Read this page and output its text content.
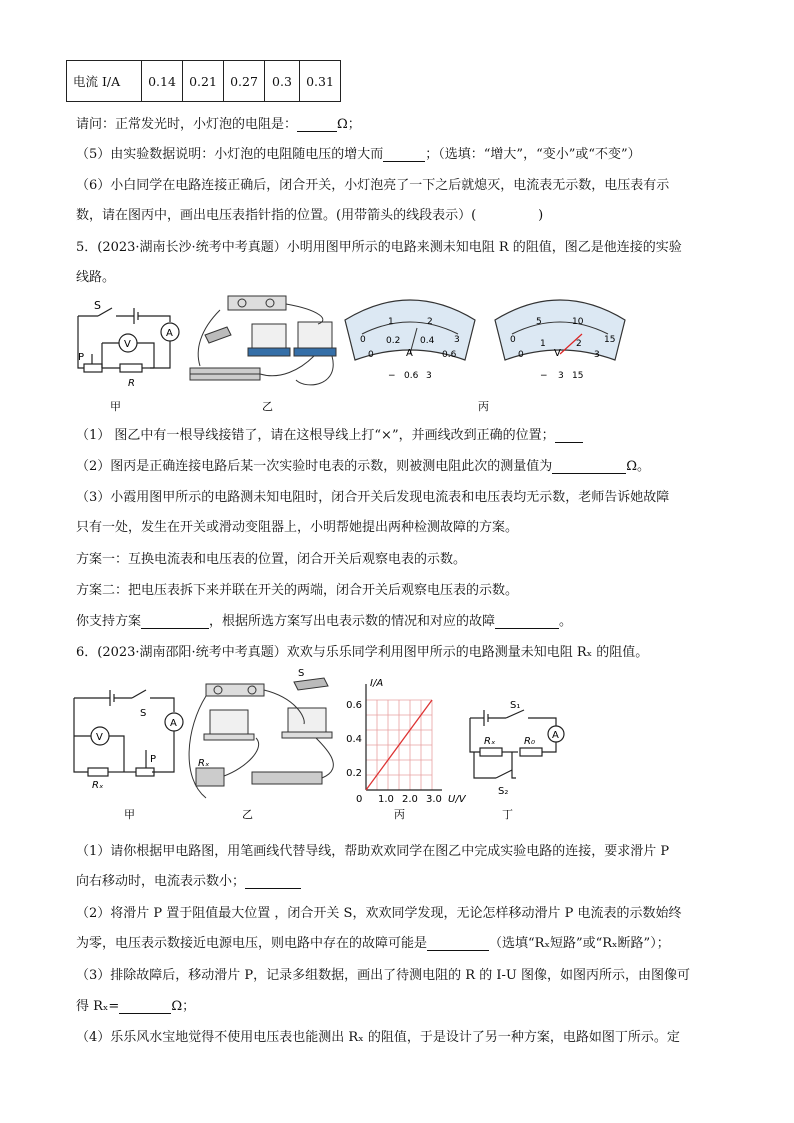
电流 I/A	0.14	0.21	0.27	0.3	0.31
请问：正常发光时，小灯泡的电阻是：	Ω；
（5）由实验数据说明：小灯泡的电阻随电压的增大而	；（选填：“增大”，“变小”或“不变”）
（6）小白同学在电路连接正确后，闭合开关，小灯泡亮了一下之后就熄灭，电流表无示数，电压表有示
数，请在图丙中，画出电压表指针指的位置。(用带箭头的线段表示）(	)
5．(2023·湖南长沙·统考中考真题）小明用图甲所示的电路来测未知电阻 R 的阻值，图乙是他连接的实验
线路。
S
A
V
P
R
甲	乙
0
1	2
3
0
0.2 0.4
0.6
A
− 0.6 3
0
5	10
15
0
1	2
3
V
− 3 15
丙
（1） 图乙中有一根导线接错了，请在这根导线上打“×”，并画线改到正确的位置；
（2）图丙是正确连接电路后某一次实验时电表的示数，则被测电阻此次的测量值为	Ω。
（3）小霞用图甲所示的电路测未知电阻时，闭合开关后发现电流表和电压表均无示数，老师告诉她故障
只有一处，发生在开关或滑动变阻器上，小明帮她提出两种检测故障的方案。
方案一：互换电流表和电压表的位置，闭合开关后观察电表的示数。
方案二：把电压表拆下来并联在开关的两端，闭合开关后观察电压表的示数。
你支持方案	，根据所选方案写出电表示数的情况和对应的故障	。
6．(2023·湖南邵阳·统考中考真题）欢欢与乐乐同学利用图甲所示的电路测量未知电阻 Rₓ 的阻值。
S
A
V
P
Rₓ
甲
Rₓ
S
乙
0.6
0.4
0.2
0 1.0 2.0 3.0
I/A
U/V
丙
S₁
A
Rₓ	R₀
S₂
丁
（1）请你根据甲电路图，用笔画线代替导线，帮助欢欢同学在图乙中完成实验电路的连接，要求滑片 P
向右移动时，电流表示数小；
（2）将滑片 P 置于阻值最大位置 ，闭合开关 S，欢欢同学发现，无论怎样移动滑片 P 电流表的示数始终
为零，电压表示数接近电源电压，则电路中存在的故障可能是	（选填“Rₓ短路”或“Rₓ断路”）；
（3）排除故障后，移动滑片 P，记录多组数据，画出了待测电阻的 R 的 I-U 图像，如图丙所示，由图像可
得 Rₓ=	Ω；
（4）乐乐风水宝地觉得不使用电压表也能测出 Rₓ 的阻值，于是设计了另一种方案，电路如图丁所示。定
